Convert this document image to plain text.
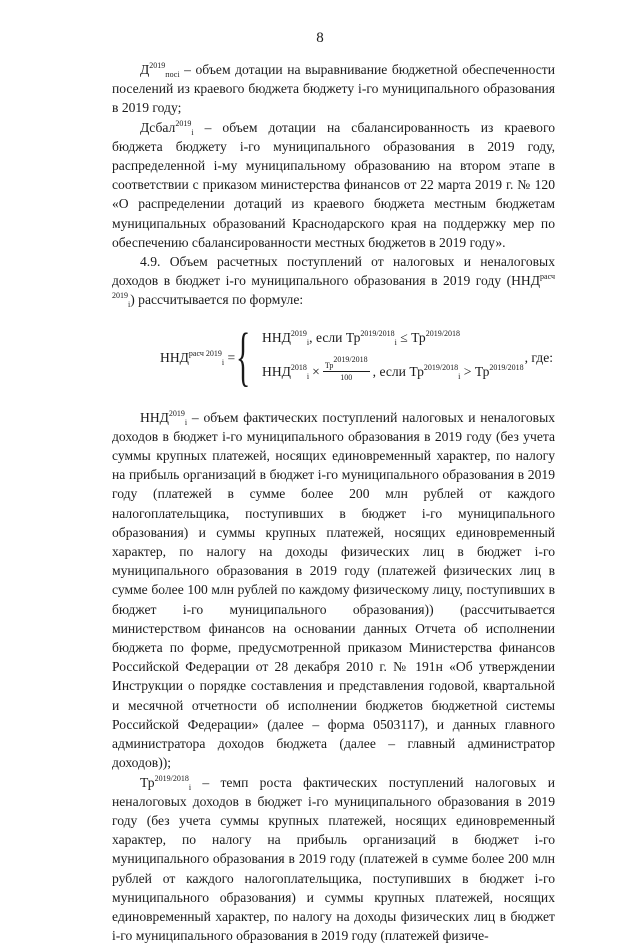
8

$Д^{2019}_{посі}$ – объем дотации на выравнивание бюджетной обеспеченности поселений из краевого бюджета бюджету і-го муниципального образования в 2019 году;

Дсбал$^{2019}_і$ – объем дотации на сбалансированность из краевого бюджета бюджету і-го муниципального образования в 2019 году, распределенной і-му муниципальному образованию на втором этапе в соответствии с приказом министерства финансов от 22 марта 2019 г. № 120 «О распределении дотаций из краевого бюджета местным бюджетам муниципальных образований Краснодарского края на поддержку мер по обеспечению сбалансированности местных бюджетов в 2019 году».

4.9. Объем расчетных поступлений от налоговых и неналоговых доходов в бюджет і-го муниципального образования в 2019 году $(ННД^{расч 2019}_і)$ рассчитывается по формуле:

$ННД^{расч 2019}_і$ = { $ННД^{2019}_і$, если $Тр^{2019/2018}_і \le Тр^{2019/2018}$
$ННД^{2018}_і \times \frac{Тр^{2019/2018}}{100}$ , если $Тр^{2019/2018}_і > Тр^{2019/2018}$
, где:

$ННД^{2019}_і$ – объем фактических поступлений налоговых и неналоговых доходов в бюджет і-го муниципального образования в 2019 году (без учета суммы крупных платежей, носящих единовременный характер, по налогу на прибыль организаций в бюджет і-го муниципального образования в 2019 году (платежей в сумме более 200 млн рублей от каждого налогоплательщика, поступивших в бюджет і-го муниципального образования) и суммы крупных платежей, носящих единовременный характер, по налогу на доходы физических лиц в бюджет і-го муниципального образования в 2019 году (платежей физических лиц в сумме более 100 млн рублей по каждому физическому лицу, поступивших в бюджет і-го муниципального образования)) (рассчитывается министерством финансов на основании данных Отчета об исполнении бюджета по форме, предусмотренной приказом Министерства финансов Российской Федерации от 28 декабря 2010 г. № 191н «Об утверждении Инструкции о порядке составления и представления годовой, квартальной и месячной отчетности об исполнении бюджетов бюджетной системы Российской Федерации» (далее – форма 0503117), и данных главного администратора доходов бюджета (далее – главный администратор доходов));

$Тр^{2019/2018}_і$ – темп роста фактических поступлений налоговых и неналоговых доходов в бюджет і-го муниципального образования в 2019 году (без учета суммы крупных платежей, носящих единовременный характер, по налогу на прибыль организаций в бюджет і-го муниципального образования в 2019 году (платежей в сумме более 200 млн рублей от каждого налогоплательщика, поступивших в бюджет і-го муниципального образования) и суммы крупных платежей, носящих единовременный характер, по налогу на доходы физических лиц в бюджет і-го муниципального образования в 2019 году (платежей физиче-
